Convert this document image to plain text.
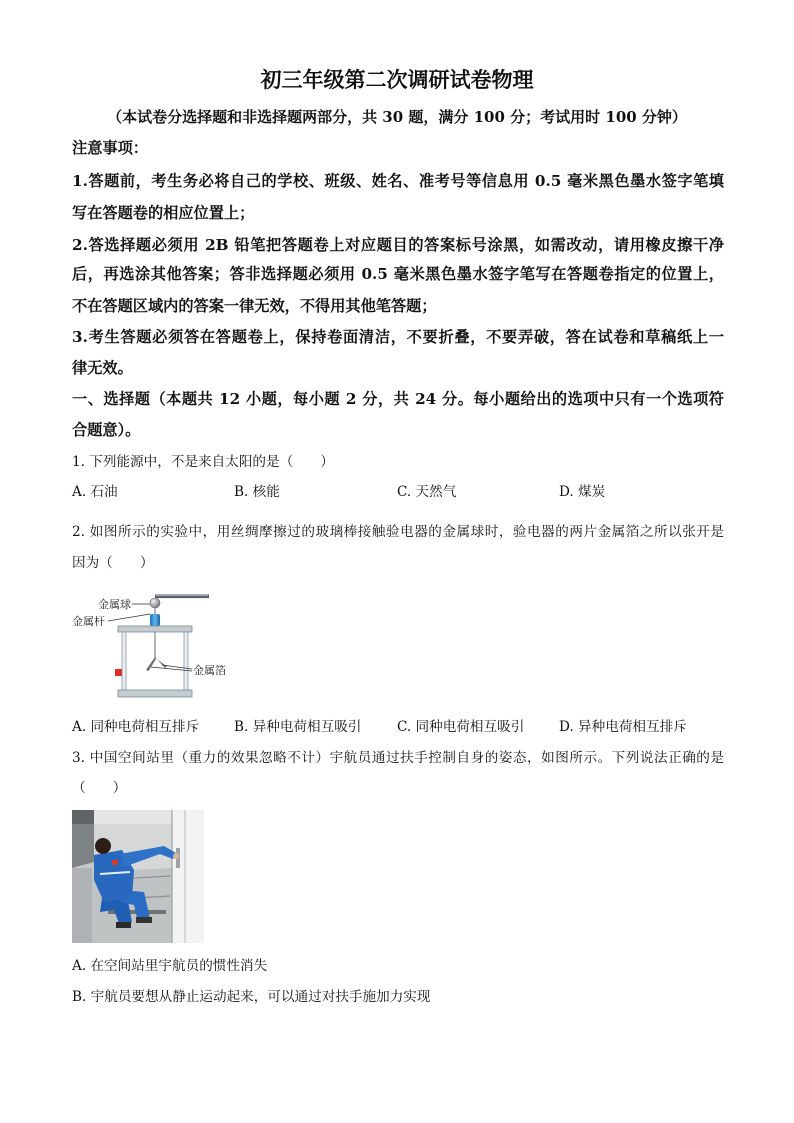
初三年级第二次调研试卷物理
（本试卷分选择题和非选择题两部分，共 30 题，满分 100 分；考试用时 100 分钟）
注意事项：
1.答题前，考生务必将自己的学校、班级、姓名、准考号等信息用 0.5 毫米黑色墨水签字笔填
写在答题卷的相应位置上；
2.答选择题必须用 2B 铅笔把答题卷上对应题目的答案标号涂黑，如需改动，请用橡皮擦干净
后，再选涂其他答案；答非选择题必须用 0.5 毫米黑色墨水签字笔写在答题卷指定的位置上，
不在答题区域内的答案一律无效，不得用其他笔答题；
3.考生答题必须答在答题卷上，保持卷面清洁，不要折叠，不要弄破，答在试卷和草稿纸上一
律无效。
一、选择题（本题共 12 小题，每小题 2 分，共 24 分。每小题给出的选项中只有一个选项符
合题意）。
1. 下列能源中，不是来自太阳的是（　　）
A. 石油	B. 核能	C. 天然气	D. 煤炭
2. 如图所示的实验中，用丝绸摩擦过的玻璃棒接触验电器的金属球时，验电器的两片金属箔之所以张开是
因为（　　）
金属球
金属杆
金属箔
A. 同种电荷相互排斥	B. 异种电荷相互吸引	C. 同种电荷相互吸引	D. 异种电荷相互排斥
3. 中国空间站里（重力的效果忽略不计）宇航员通过扶手控制自身的姿态，如图所示。下列说法正确的是
（　　）
A. 在空间站里宇航员的惯性消失
B. 宇航员要想从静止运动起来，可以通过对扶手施加力实现
